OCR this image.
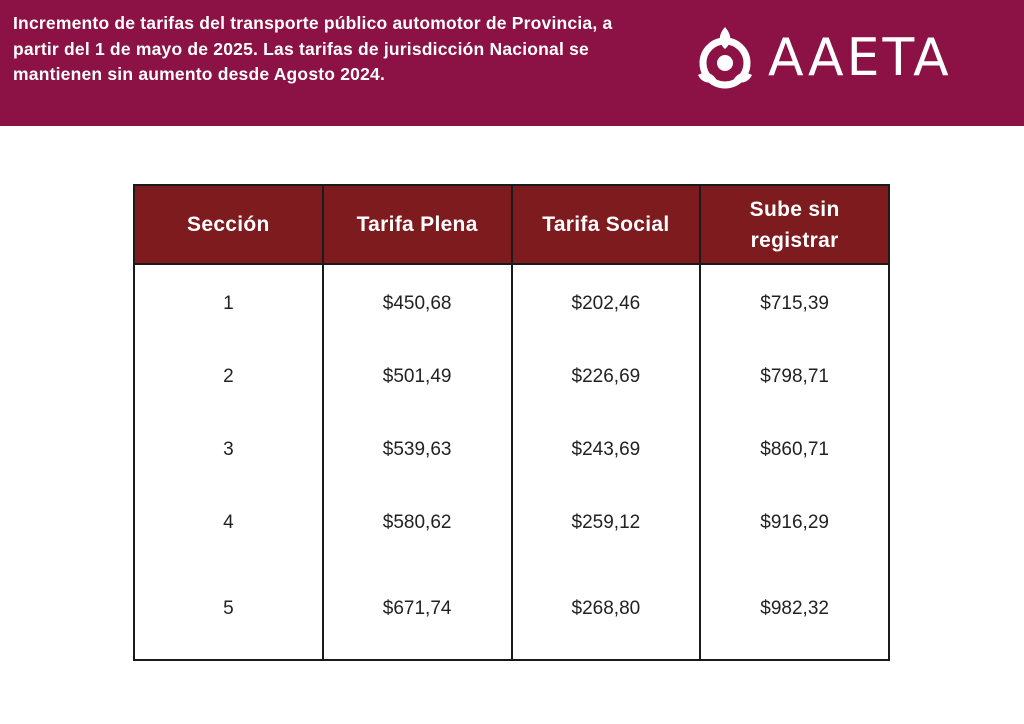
Incremento de tarifas del transporte público automotor de Provincia, a partir del 1 de mayo de 2025. Las tarifas de jurisdicción Nacional se mantienen sin aumento desde Agosto 2024.	AAETA
Sección	Tarifa Plena	Tarifa Social	Sube sin registrar
1	$450,68	$202,46	$715,39
2	$501,49	$226,69	$798,71
3	$539,63	$243,69	$860,71
4	$580,62	$259,12	$916,29
5	$671,74	$268,80	$982,32
